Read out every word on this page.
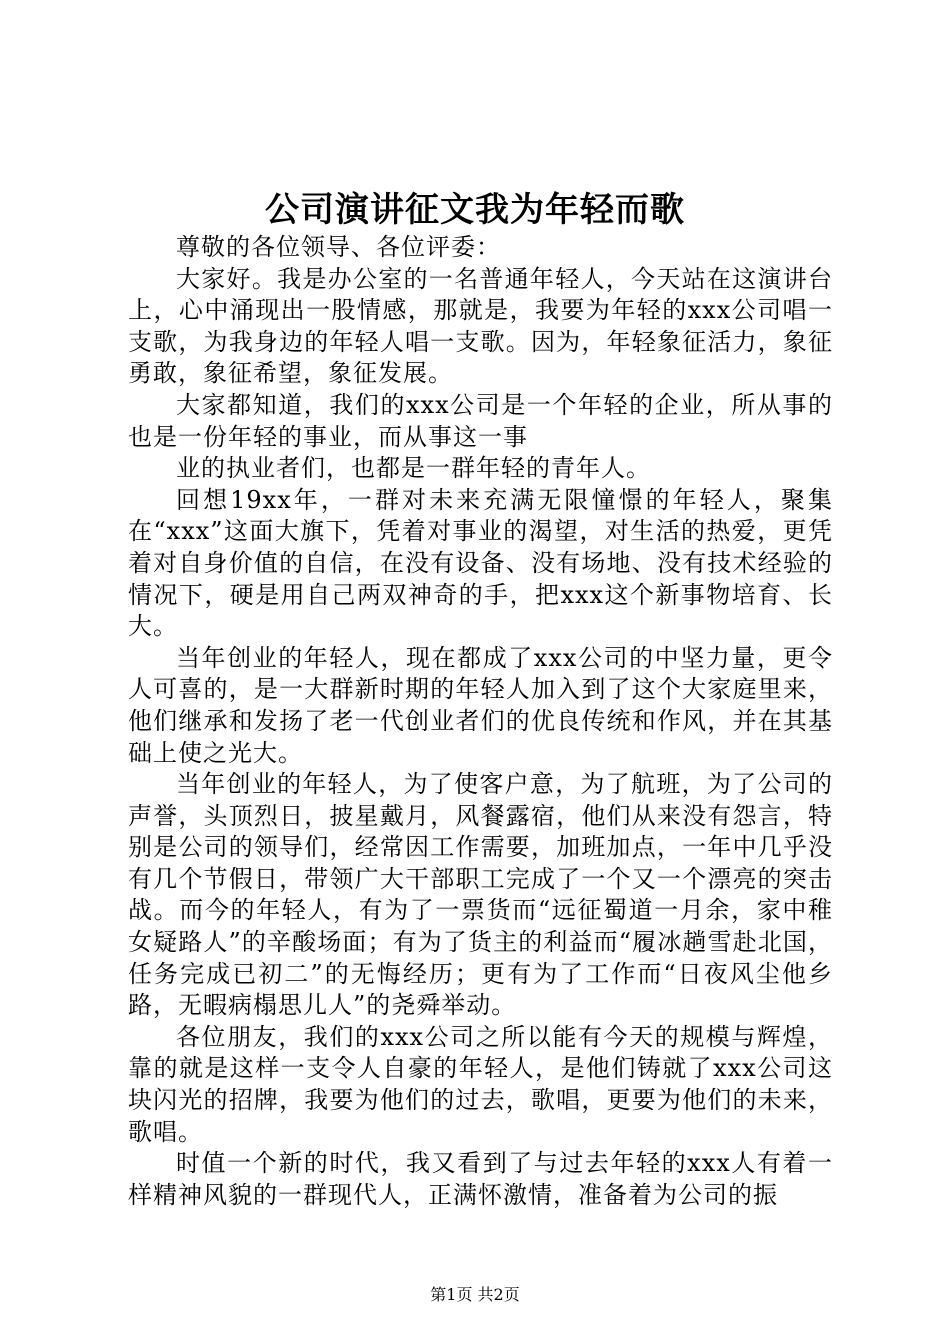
公司演讲征文我为年轻而歌

尊敬的各位领导、各位评委：

大家好。我是办公室的一名普通年轻人，今天站在这演讲台上，心中涌现出一股情感，那就是，我要为年轻的xxx公司唱一支歌，为我身边的年轻人唱一支歌。因为，年轻象征活力，象征勇敢，象征希望，象征发展。

大家都知道，我们的xxx公司是一个年轻的企业，所从事的也是一份年轻的事业，而从事这一事

业的执业者们，也都是一群年轻的青年人。

回想19xx年，一群对未来充满无限憧憬的年轻人，聚集在“xxx”这面大旗下，凭着对事业的渴望，对生活的热爱，更凭着对自身价值的自信，在没有设备、没有场地、没有技术经验的情况下，硬是用自己两双神奇的手，把xxx这个新事物培育、长大。

当年创业的年轻人，现在都成了xxx公司的中坚力量，更令人可喜的，是一大群新时期的年轻人加入到了这个大家庭里来，他们继承和发扬了老一代创业者们的优良传统和作风，并在其基础上使之光大。

当年创业的年轻人，为了使客户意，为了航班，为了公司的声誉，头顶烈日，披星戴月，风餐露宿，他们从来没有怨言，特别是公司的领导们，经常因工作需要，加班加点，一年中几乎没有几个节假日，带领广大干部职工完成了一个又一个漂亮的突击战。而今的年轻人，有为了一票货而“远征蜀道一月余，家中稚女疑路人”的辛酸场面；有为了货主的利益而“履冰趟雪赴北国，任务完成已初二”的无悔经历；更有为了工作而“日夜风尘他乡路，无暇病榻思儿人”的尧舜举动。

各位朋友，我们的xxx公司之所以能有今天的规模与辉煌，靠的就是这样一支令人自豪的年轻人，是他们铸就了xxx公司这块闪光的招牌，我要为他们的过去，歌唱，更要为他们的未来，歌唱。

时值一个新的时代，我又看到了与过去年轻的xxx人有着一样精神风貌的一群现代人，正满怀激情，准备着为公司的振

第1页 共2页
